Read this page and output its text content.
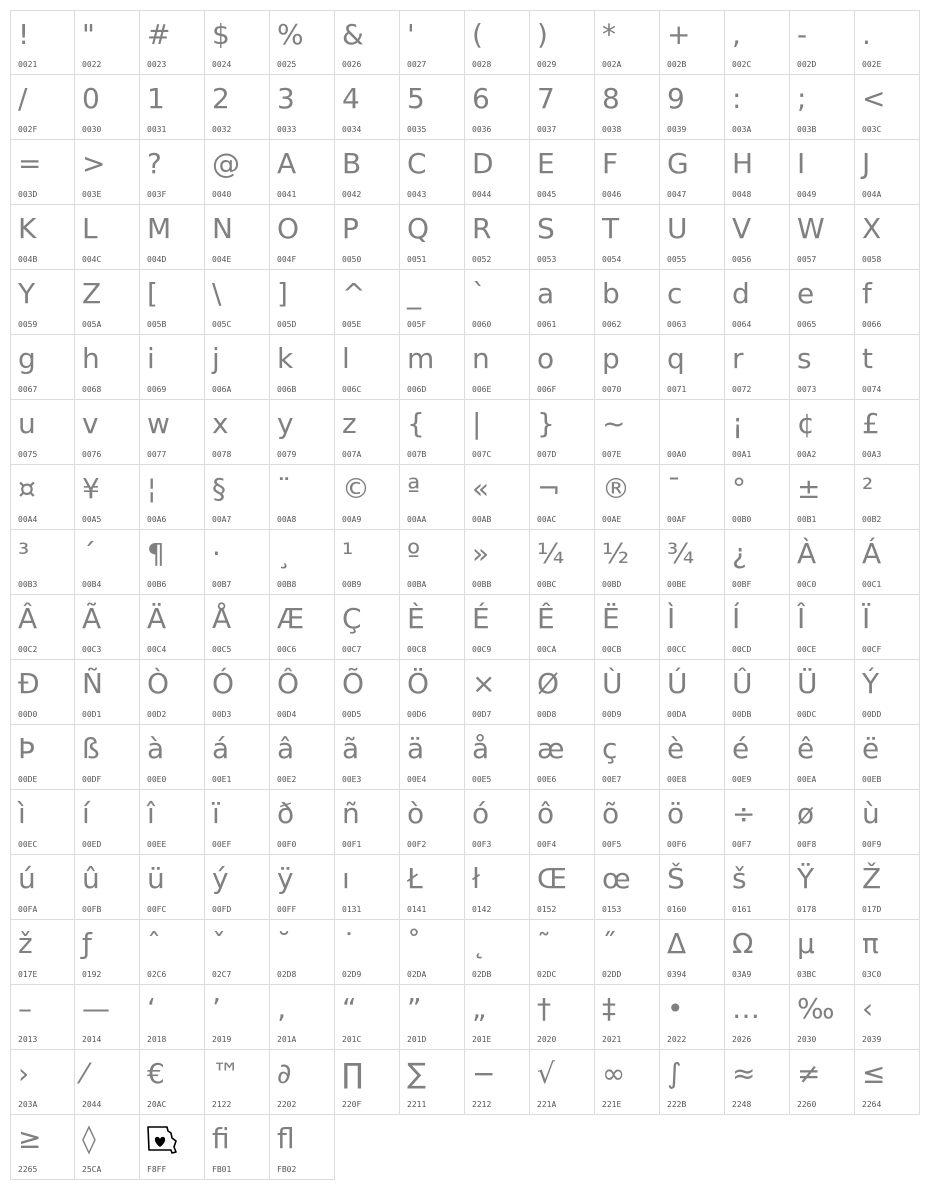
!
0021
"
0022
#
0023
$
0024
%
0025
&
0026
'
0027
(
0028
)
0029
*
002A
+
002B
,
002C
-
002D
.
002E
/
002F
0
0030
1
0031
2
0032
3
0033
4
0034
5
0035
6
0036
7
0037
8
0038
9
0039
:
003A
;
003B
<
003C
=
003D
>
003E
?
003F
@
0040
A
0041
B
0042
C
0043
D
0044
E
0045
F
0046
G
0047
H
0048
I
0049
J
004A
K
004B
L
004C
M
004D
N
004E
O
004F
P
0050
Q
0051
R
0052
S
0053
T
0054
U
0055
V
0056
W
0057
X
0058
Y
0059
Z
005A
[
005B
\
005C
]
005D
^
005E
_
005F
`
0060
a
0061
b
0062
c
0063
d
0064
e
0065
f
0066
g
0067
h
0068
i
0069
j
006A
k
006B
l
006C
m
006D
n
006E
o
006F
p
0070
q
0071
r
0072
s
0073
t
0074
u
0075
v
0076
w
0077
x
0078
y
0079
z
007A
{
007B
|
007C
}
007D
~
007E	00A0
¡
00A1
¢
00A2
£
00A3
¤
00A4
¥
00A5
¦
00A6
§
00A7
¨
00A8
©
00A9
ª
00AA
«
00AB
¬
00AC
®
00AE
¯
00AF
°
00B0
±
00B1
²
00B2
³
00B3
´
00B4
¶
00B6
·
00B7
¸
00B8
¹
00B9
º
00BA
»
00BB
¼
00BC
½
00BD
¾
00BE
¿
00BF
À
00C0
Á
00C1
Â
00C2
Ã
00C3
Ä
00C4
Å
00C5
Æ
00C6
Ç
00C7
È
00C8
É
00C9
Ê
00CA
Ë
00CB
Ì
00CC
Í
00CD
Î
00CE
Ï
00CF
Đ
00D0
Ñ
00D1
Ò
00D2
Ó
00D3
Ô
00D4
Õ
00D5
Ö
00D6
×
00D7
Ø
00D8
Ù
00D9
Ú
00DA
Û
00DB
Ü
00DC
Ý
00DD
Þ
00DE
ß
00DF
à
00E0
á
00E1
â
00E2
ã
00E3
ä
00E4
å
00E5
æ
00E6
ç
00E7
è
00E8
é
00E9
ê
00EA
ë
00EB
ì
00EC
í
00ED
î
00EE
ï
00EF
ð
00F0
ñ
00F1
ò
00F2
ó
00F3
ô
00F4
õ
00F5
ö
00F6
÷
00F7
ø
00F8
ù
00F9
ú
00FA
û
00FB
ü
00FC
ý
00FD
ÿ
00FF
ı
0131
Ł
0141
ł
0142
Œ
0152
œ
0153
Š
0160
š
0161
Ÿ
0178
Ž
017D
ž
017E
ƒ
0192
ˆ
02C6
ˇ
02C7
˘
02D8
˙
02D9
˚
02DA
˛
02DB
˜
02DC
˝
02DD
Δ
0394
Ω
03A9
μ
03BC
π
03C0
–
2013
—
2014
‘
2018
’
2019
‚
201A
“
201C
”
201D
„
201E
†
2020
‡
2021
•
2022
…
2026
‰
2030
‹
2039
›
203A
⁄
2044
€
20AC
™
2122
∂
2202
∏
220F
∑
2211
−
2212
√
221A
∞
221E
∫
222B
≈
2248
≠
2260
≤
2264
≥
2265
◊
25CA	F8FF
ﬁ
FB01
ﬂ
FB02
